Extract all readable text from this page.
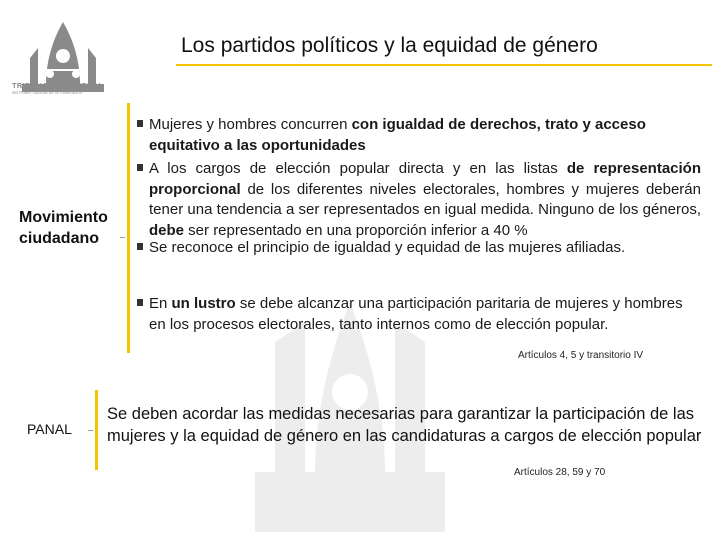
TRIBUNAL ELECTORAL
del Poder Judicial de la Federación
Los partidos políticos y la equidad de género
Movimiento
ciudadano
Mujeres y hombres concurren con igualdad de derechos, trato y acceso equitativo a las oportunidades
A los cargos de elección popular directa y en las listas de representación proporcional de los diferentes niveles electorales, hombres y mujeres deberán tener una tendencia a ser representados en igual medida. Ninguno de los géneros, debe ser representado en una proporción inferior a 40 %
Se reconoce el principio de igualdad y equidad de las mujeres afiliadas.
En un lustro se debe alcanzar una participación paritaria de mujeres y hombres en los procesos electorales, tanto internos como de elección popular.
Artículos 4, 5 y transitorio IV
PANAL
Se deben acordar las medidas necesarias para garantizar la participación de las mujeres y la equidad de género en las candidaturas a cargos de elección popular
Artículos 28, 59 y 70
